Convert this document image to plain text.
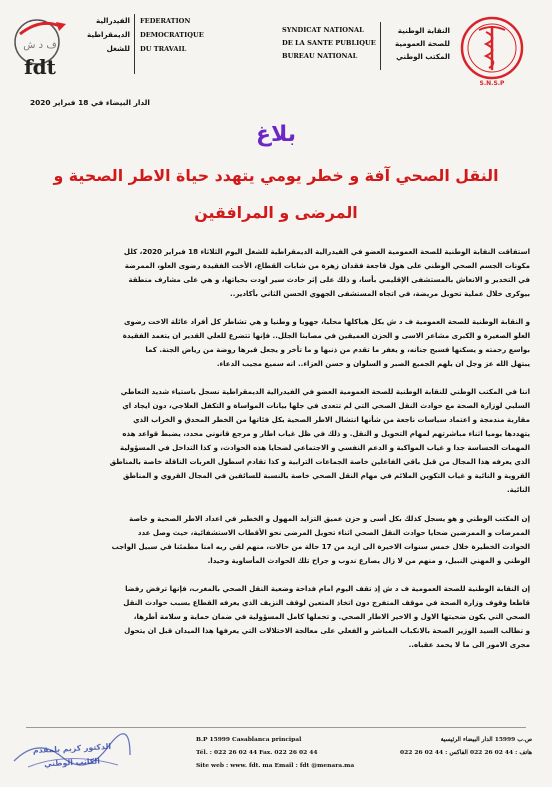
ف د ش
fdt
الفيدرالية
الديمقراطية
للشغل
FEDERATION
DEMOCRATIQUE
DU TRAVAIL
SYNDICAT NATIONAL
DE LA SANTE PUBLIQUE
BUREAU NATIONAL
النقابة الوطنية
للصحة العمومية
المكتب الوطني
S.N.S.P
الدار البيضاء في 18 فبراير 2020
بلاغ
النقل الصحي آفة و خطر يومي يتهدد حياة الاطر الصحية و
المرضى و المرافقين
استفاقت النقابة الوطنية للصحة العمومية العضو في الفيدرالية الديمقراطية للشغل اليوم الثلاثاء 18 فبراير 2020، كلل
مكونات الجسم الصحي الوطني على هول فاجعة فقدان زهرة من شابات القطاع، الأخت الفقيدة رضوى العلو، الممرضة
في التخدير و الانعاش بالمستشفى الإقليمي بأسا، و ذلك على إثر حادث سير اودت بحياتها، و هي على مشارف منطقة
بيوكرى خلال عملية تحويل مريضة، في اتجاه المستشفى الجهوي الحسن الثاني بأكادير..
و النقابة الوطنية للصحة العمومية ف د ش بكل هياكلها محليا، جهويا و وطنيا و هي تشاطر كل أفراد عائلة الاخت رضوى
العلو الصغيرة و الكبرى مشاعر الاسى و الحزن العميقين في مصابنا الجلل.. فإنها تتضرع للعلي القدير ان يتغمد الفقيدة
بواسع رحمته و يسكنها فسيح جنانه، و يغفر ما تقدم من ذنبها و ما تأخر و يجعل قبرها روضة من رياض الجنة. كما
يبتهل الله عز وجل ان يلهم الجميع الصبر و السلوان و حسن العزاء.. انه سميع مجيب الدعاء.
اننا في المكتب الوطني للنقابة الوطنية للصحة العمومية العضو في الفيدرالية الديمقراطية نسجل باستياء شديد التعاطي
السلبي لوزارة الصحة مع حوادث النقل الصحي التي لم تتعدى في جلها بيانات المواساة و التكفل العلاجي، دون ايجاد اي
مقاربة مندمجة و اعتماد سياسات ناجعة من شأنها انتشال الاطر الصحية بكل فئاتها من الخطر المحدق و الخراب الذي
يتهددها يوميا اثناء مباشرتهم لمهام التحويل و النقل. و ذلك في ظل غياب اطار و مرجع قانوني محدد، يضبط قواعد هذه
المهمات الحساسة جدا و غياب المواكبة و الدعم النفسي و الاجتماعي لضحايا هذه الحوادث، و كذا التداخل في المسؤولية
الذي يعرفه هذا المجال من قبل باقي الفاعلين خاصة الجماعات الترابية و كذا تقادم اسطول العربات الناقلة خاصة بالمناطق
القروية و النائية و غياب التكوين الملائم في مهام النقل الصحي خاصة بالنسبة للسائقين في المجال القروي و المناطق
النائية.
إن المكتب الوطني و هو يسجل كذلك بكل أسى و حزن عميق التزايد المهول و الخطير في اعداد الاطر الصحية و خاصة
الممرضات و الممرضين ضحايا حوادث النقل الصحي اثناء تحويل المرضى نحو الأقطاب الاستشفائية، حيث وصل عدد
الحوادث الخطيرة خلال خمس سنوات الاخيرة الى ازيد من 17 حالة من حالات، منهم لقي ربه امنا مطمئنا في سبيل الواجب
الوطني و المهني النبيل، و منهم من لا زال يصارع ندوب و جراح تلك الحوادث المأساوية وحيدا.
إن النقابة الوطنية للصحة العمومية ف د ش إذ تقف اليوم امام فداحة وضعية النقل الصحي بالمغرب، فإنها ترفض رفضا
قاطعا وقوف وزارة الصحة في موقف المتفرج دون اتخاذ المتعين لوقف النزيف الذي يعرفه القطاع بسبب حوادث النقل
الصحي التي يكون ضحيتها الاول و الاخير الاطار الصحي. و تحملها كامل المسؤولية في ضمان حماية و سلامة أطرها،
و تطالب السيد الوزير الصحة بالانكباب المباشر و الفعلي على معالجة الاختلالات التي يعرفها هذا الميدان قبل ان يتحول
مجرى الامور الى ما لا يحمد عقباه..
B.P 15999 Casablanca principal
Tél. : 022 26 02 44 Fax. 022 26 02 44
Site web : www. fdt. ma Email : fdt @menara.ma
ص.ب 15999 الدار البيضاء الرئيسية
هاتف : 44 02 26 022 الفاكس : 44 02 26 022
الدكتور كريم بلمقدم
الكاتب الوطني
